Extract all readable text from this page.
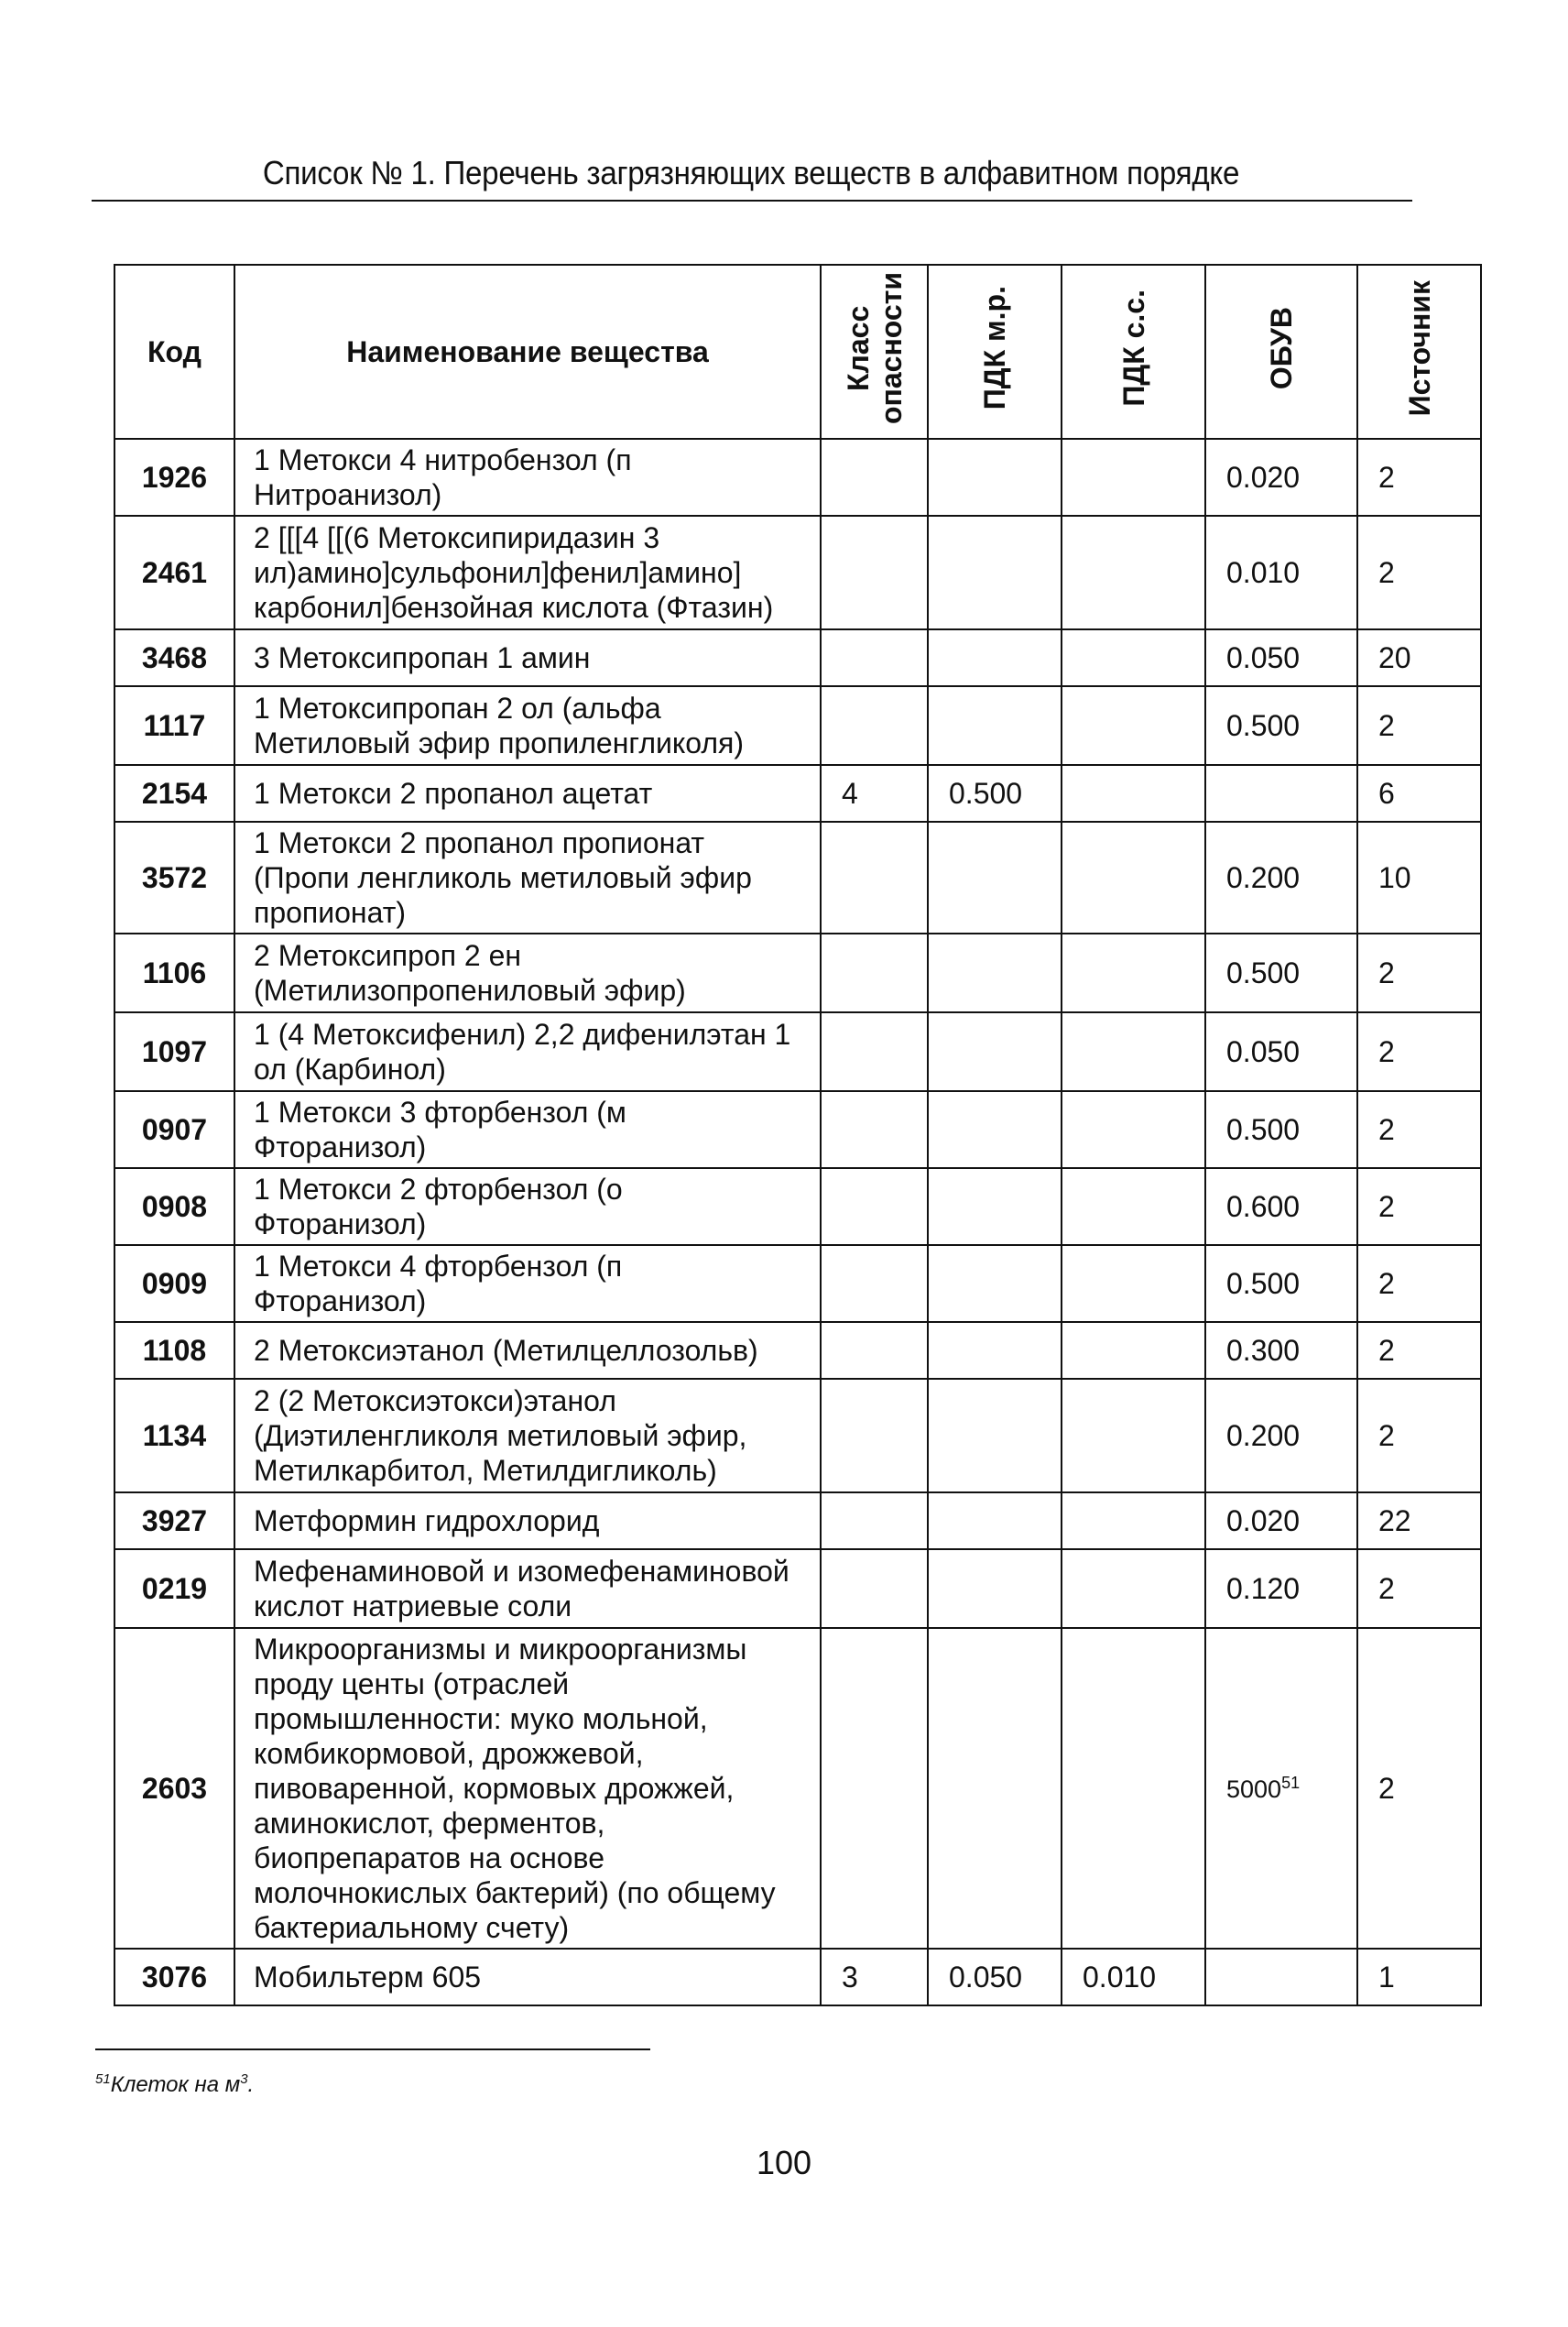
Список № 1. Перечень загрязняющих веществ в алфавитном порядке
Код	Наименование вещества	Класс опасности	ПДК м.р.	ПДК с.с.	ОБУВ	Источник
1926	1 Метокси 4 нитробензол (п Нитроанизол)				0.020	2
2461	2 [[[4 [[(6 Метоксипиридазин 3 ил)амино]сульфонил]фенил]амино] карбонил]бензойная кислота (Фтазин)				0.010	2
3468	3 Метоксипропан 1 амин				0.050	20
1117	1 Метоксипропан 2 ол (альфа Метиловый эфир пропиленгликоля)				0.500	2
2154	1 Метокси 2 пропанол ацетат	4	0.500			6
3572	1 Метокси 2 пропанол пропионат (Пропи ленгликоль метиловый эфир пропионат)				0.200	10
1106	2 Метоксипроп 2 ен (Метилизопропениловый эфир)				0.500	2
1097	1 (4 Метоксифенил) 2,2 дифенилэтан 1 ол (Карбинол)				0.050	2
0907	1 Метокси 3 фторбензол (м Фторанизол)				0.500	2
0908	1 Метокси 2 фторбензол (о Фторанизол)				0.600	2
0909	1 Метокси 4 фторбензол (п Фторанизол)				0.500	2
1108	2 Метоксиэтанол (Метилцеллозольв)				0.300	2
1134	2 (2 Метоксиэтокси)этанол (Диэтиленгликоля метиловый эфир, Метилкарбитол, Метилдигликоль)				0.200	2
3927	Метформин гидрохлорид				0.020	22
0219	Мефенаминовой и изомефенаминовой кислот натриевые соли				0.120	2
2603	Микроорганизмы и микроорганизмы проду центы (отраслей промышленности: муко мольной, комбикормовой, дрожжевой, пивоваренной, кормовых дрожжей, аминокислот, ферментов, биопрепаратов на основе молочнокислых бактерий) (по общему бактериальному счету)				5000$^{51}$	2
3076	Мобильтерм 605	3	0.050	0.010		1
$^{51}$Клеток на $м^3$.
100
